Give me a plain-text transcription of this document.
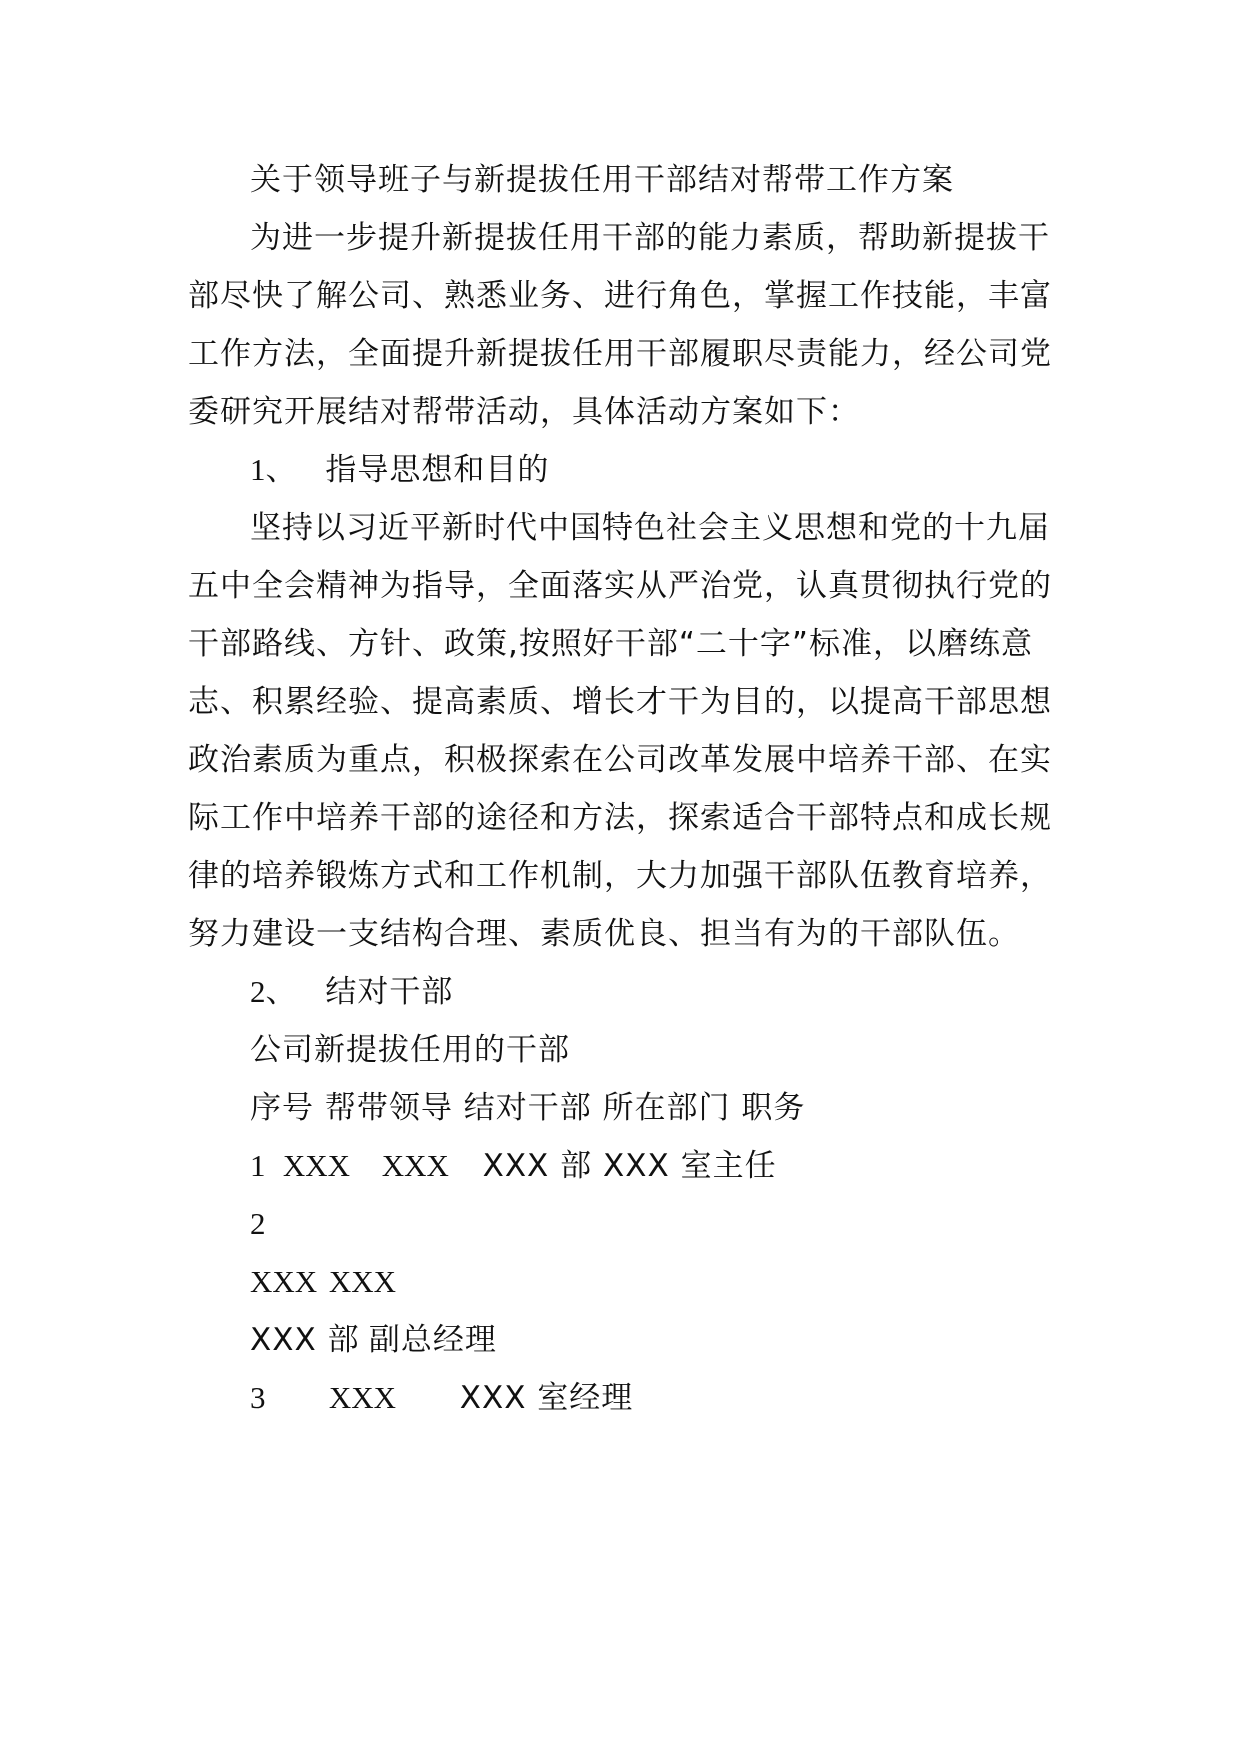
关于领导班子与新提拔任用干部结对帮带工作方案
为进一步提升新提拔任用干部的能力素质，帮助新提拔干
部尽快了解公司、熟悉业务、进行角色，掌握工作技能，丰富
工作方法，全面提升新提拔任用干部履职尽责能力，经公司党
委研究开展结对帮带活动，具体活动方案如下：
1、 指导思想和目的
坚持以习近平新时代中国特色社会主义思想和党的十九届
五中全会精神为指导，全面落实从严治党，认真贯彻执行党的
干部路线、方针、政策,按照好干部“二十字”标准，以磨练意
志、积累经验、提高素质、增长才干为目的，以提高干部思想
政治素质为重点，积极探索在公司改革发展中培养干部、在实
际工作中培养干部的途径和方法，探索适合干部特点和成长规
律的培养锻炼方式和工作机制，大力加强干部队伍教育培养，
努力建设一支结构合理、素质优良、担当有为的干部队伍。
2、 结对干部
公司新提拔任用的干部
序号 帮带领导 结对干部 所在部门 职务
1 XXX XXX XXX 部 XXX 室主任
2
XXX XXX
XXX 部 副总经理
3 XXX XXX 室经理
